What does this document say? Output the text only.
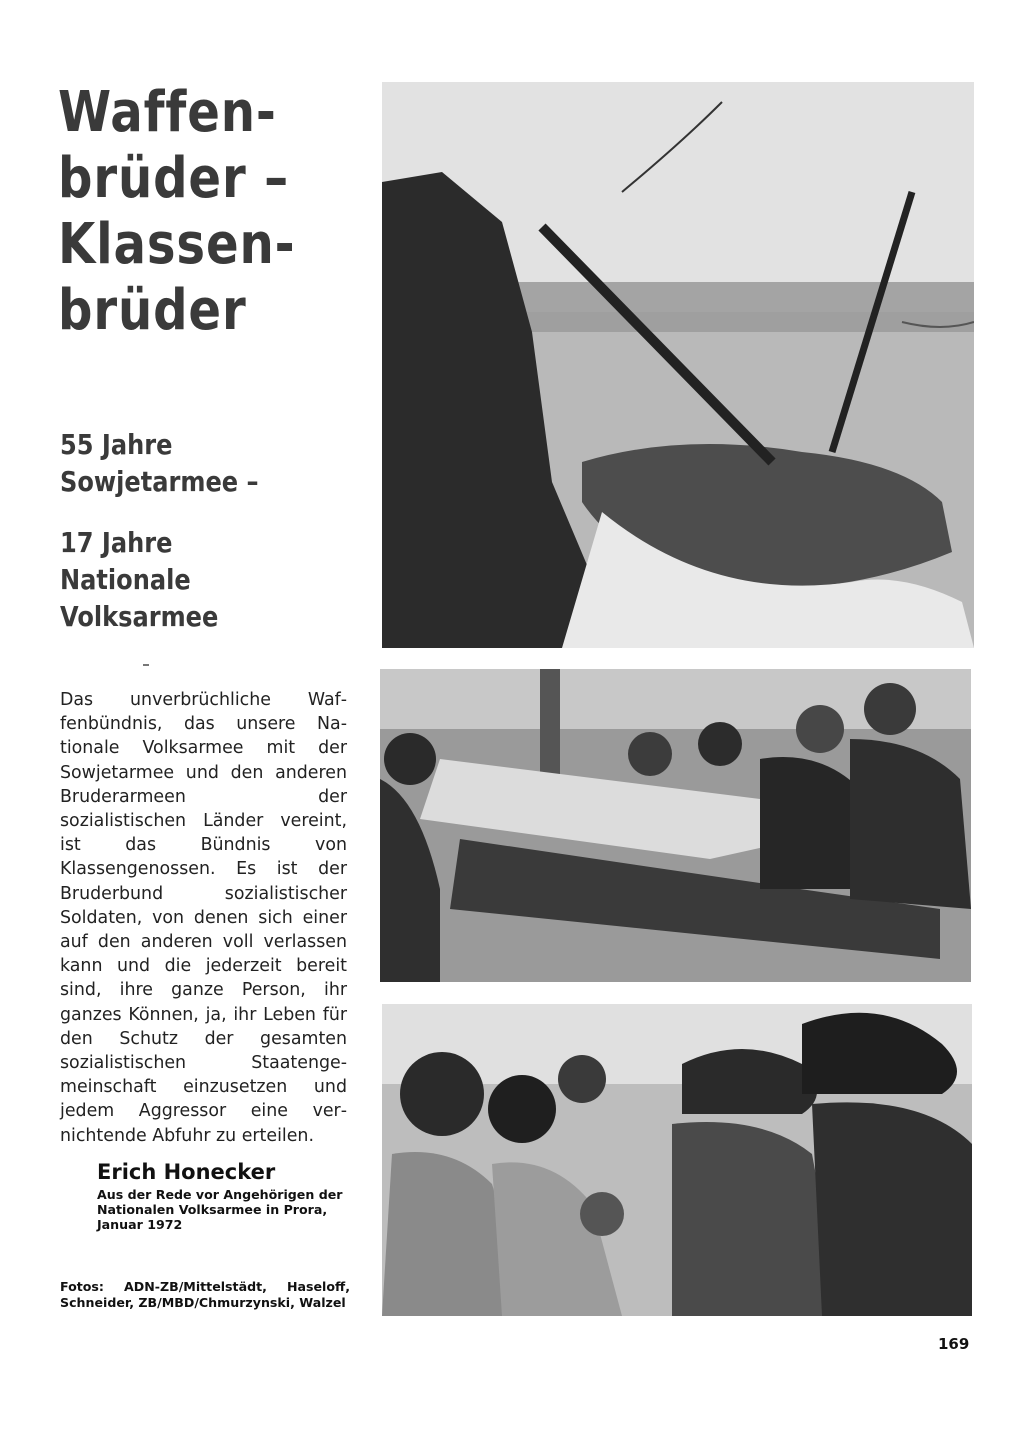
Waffen-
brüder –
Klassen-
brüder
55 Jahre
Sowjetarmee –
17 Jahre
Nationale
Volksarmee

Das unverbrüchliche Waffenbündnis, das unsere Nationale Volksarmee mit der Sowjetarmee und den anderen Bruderarmeen der sozialistischen Länder vereint, ist das Bündnis von Klassengenossen. Es ist der Bruderbund sozialistischer Soldaten, von denen sich einer auf den anderen voll verlassen kann und die jederzeit bereit sind, ihre ganze Person, ihr ganzes Können, ja, ihr Leben für den Schutz der gesamten sozialistischen Staatengemeinschaft einzusetzen und jedem Aggressor eine vernichtende Abfuhr zu erteilen.

Erich Honecker

Aus der Rede vor Angehörigen der Nationalen Volksarmee in Prora, Januar 1972

Fotos: ADN-ZB/Mittelstädt, Haseloff, Schneider, ZB/MBD/Chmurzynski, Walzel

169
